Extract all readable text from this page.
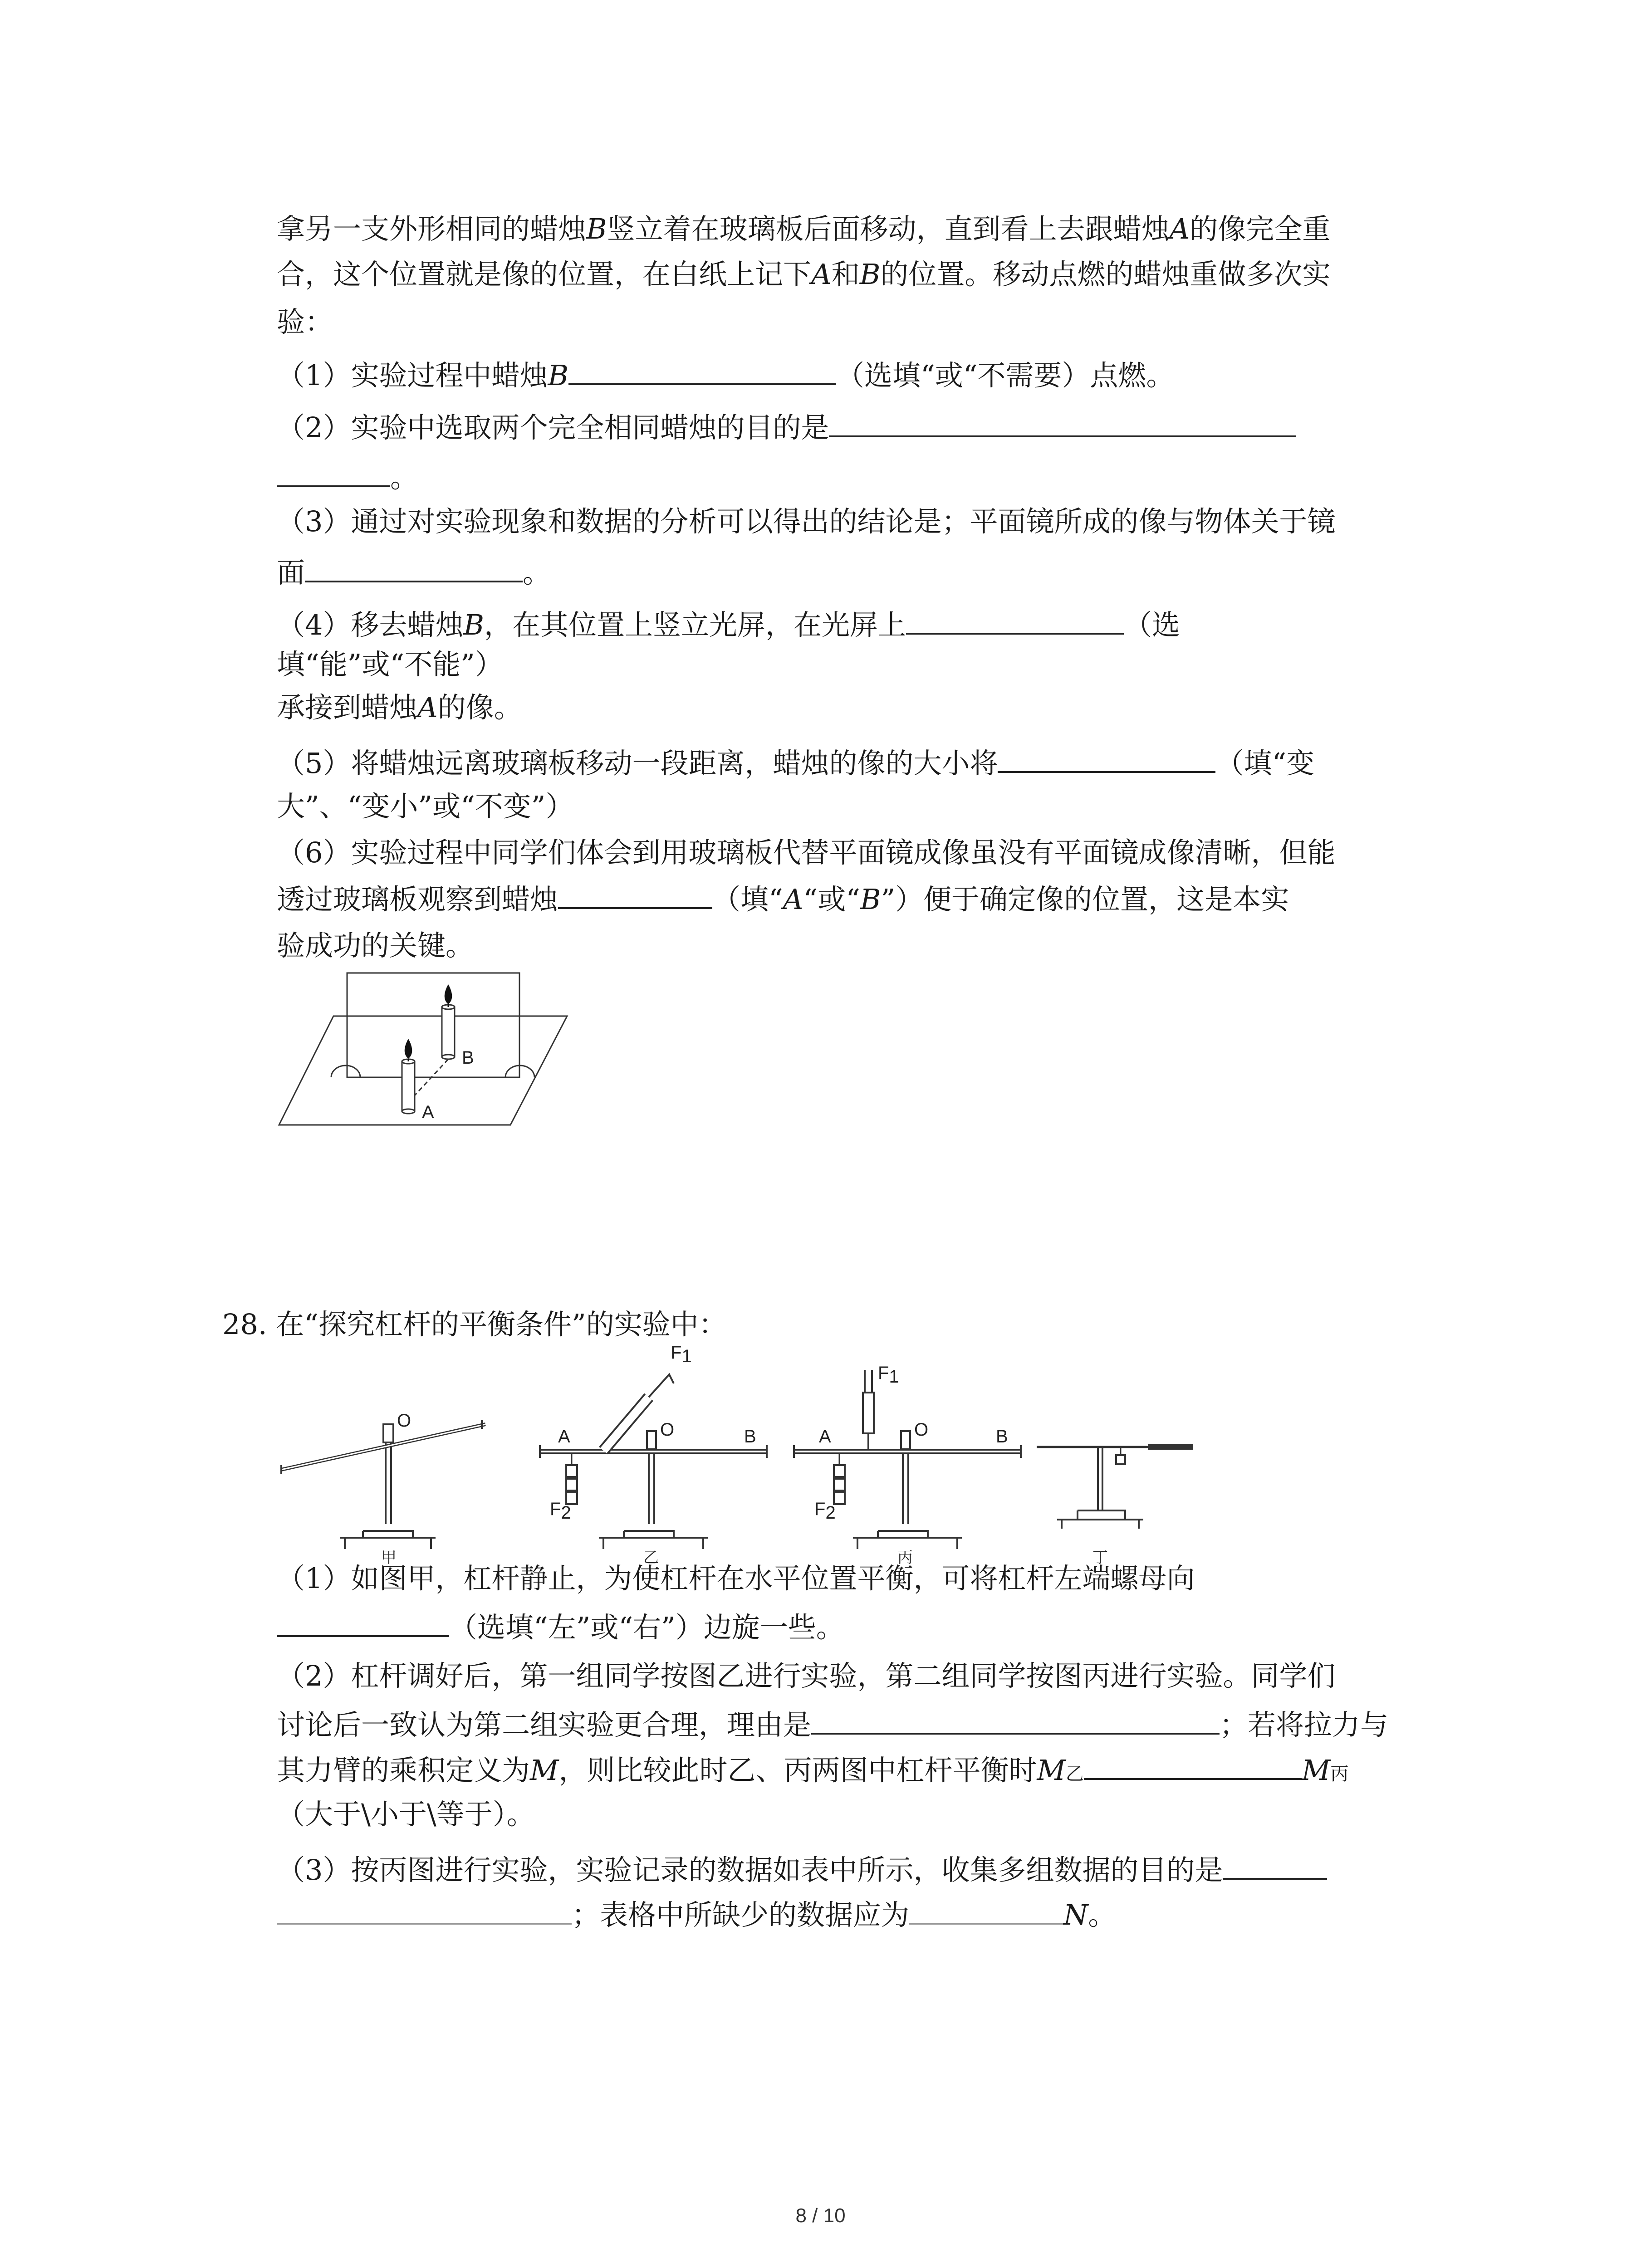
拿另一支外形相同的蜡烛B竖立着在玻璃板后面移动，直到看上去跟蜡烛A的像完全重

合，这个位置就是像的位置，在白纸上记下A和B的位置。移动点燃的蜡烛重做多次实

验：

（1）实验过程中蜡烛B	（选填“或“不需要）点燃。

（2）实验中选取两个完全相同蜡烛的目的是

。

（3）通过对实验现象和数据的分析可以得出的结论是；平面镜所成的像与物体关于镜

面	。

（4）移去蜡烛B，在其位置上竖立光屏，在光屏上	（选

填“能”或“不能”）

承接到蜡烛A的像。

（5）将蜡烛远离玻璃板移动一段距离，蜡烛的像的大小将	（填“变

大”、“变小”或“不变”）

（6）实验过程中同学们体会到用玻璃板代替平面镜成像虽没有平面镜成像清晰，但能

透过玻璃板观察到蜡烛	（填“A“或“B”）便于确定像的位置，这是本实

验成功的关键。

B
A

28. 在“探究杠杆的平衡条件”的实验中：

O
A	O	B
F1
F2
A	O	B
F1
F2
甲	乙	丙	丁

（1）如图甲，杠杆静止，为使杠杆在水平位置平衡，可将杠杆左端螺母向

（选填“左”或“右”）边旋一些。

（2）杠杆调好后，第一组同学按图乙进行实验，第二组同学按图丙进行实验。同学们

讨论后一致认为第二组实验更合理，理由是	；若将拉力与

其力臂的乘积定义为M，则比较此时乙、丙两图中杠杆平衡时M乙	M丙

（大于\小于\等于）。

（3）按丙图进行实验，实验记录的数据如表中所示，收集多组数据的目的是

；表格中所缺少的数据应为	N。

8 / 10
